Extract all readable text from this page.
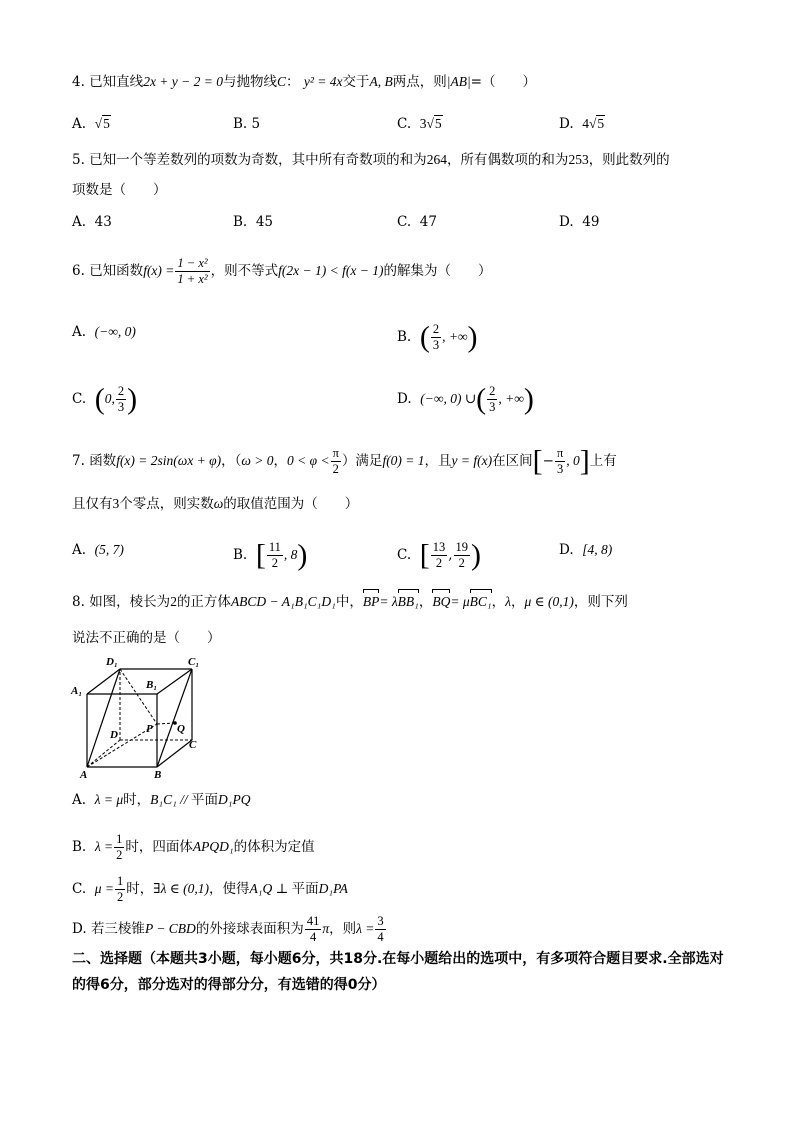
4. 已知直线2x + y − 2 = 0与抛物线C： y² = 4x交于A, B两点，则|AB|=（　　）
A. √5	B. 5	C. 3√5	D. 4√5
5. 已知一个等差数列的项数为奇数，其中所有奇数项的和为264，所有偶数项的和为253，则此数列的
项数是（　　）
A. 43	B. 45	C. 47	D. 49
6. 已知函数$f(x) = \frac{\text{1 − x²}}{\text{1 + x²}}$ ，则不等式f(2x − 1) < f(x − 1)的解集为（　　）
A. (−∞, 0)	B. ( $\frac{2}{3}$ , +∞)
C. (0, $\frac{2}{3}$ )	D. (−∞, 0) ∪( $\frac{2}{3}$ , +∞)
7. 函数f(x) = 2sin(ωx + φ)，（ω > 0，$0 < \varphi < \frac{\pi}{2}$ ）满足f(0) = 1，且y = f(x)在区间[− $\frac{\pi}{3}$ , 0]上有
且仅有3个零点，则实数ω的取值范围为（　　）
A. (5, 7)	B. [ $\frac{11}{2}$ , 8)	C. [ $\frac{13}{2}$ , $\frac{19}{2}$ )	D. [4, 8)
8. 如图，棱长为2的正方体ABCD − A₁B₁C₁D₁中，BP= λBB₁，BQ= μBC₁，λ，μ ∈ (0,1)，则下列
说法不正确的是（　　）
D₁	C₁
A₁	B₁
D	P Q
C
A	B
A. λ = μ时，B₁C₁ // 平面D₁PQ
B. $\lambda = \frac{1}{2}$ 时，四面体APQD₁的体积为定值
C. $\mu = \frac{1}{2}$ 时，∃λ ∈ (0,1)，使得A₁Q ⊥ 平面D₁PA
D. 若三棱锥P − CBD的外接球表面积为 $\frac{41}{4}$ π，则$\lambda = \frac{3}{4}$
二、选择题（本题共3小题，每小题6分，共18分.在每小题给出的选项中，有多项符合题目要求.全部选对的得6分，部分选对的得部分分，有选错的得0分）
